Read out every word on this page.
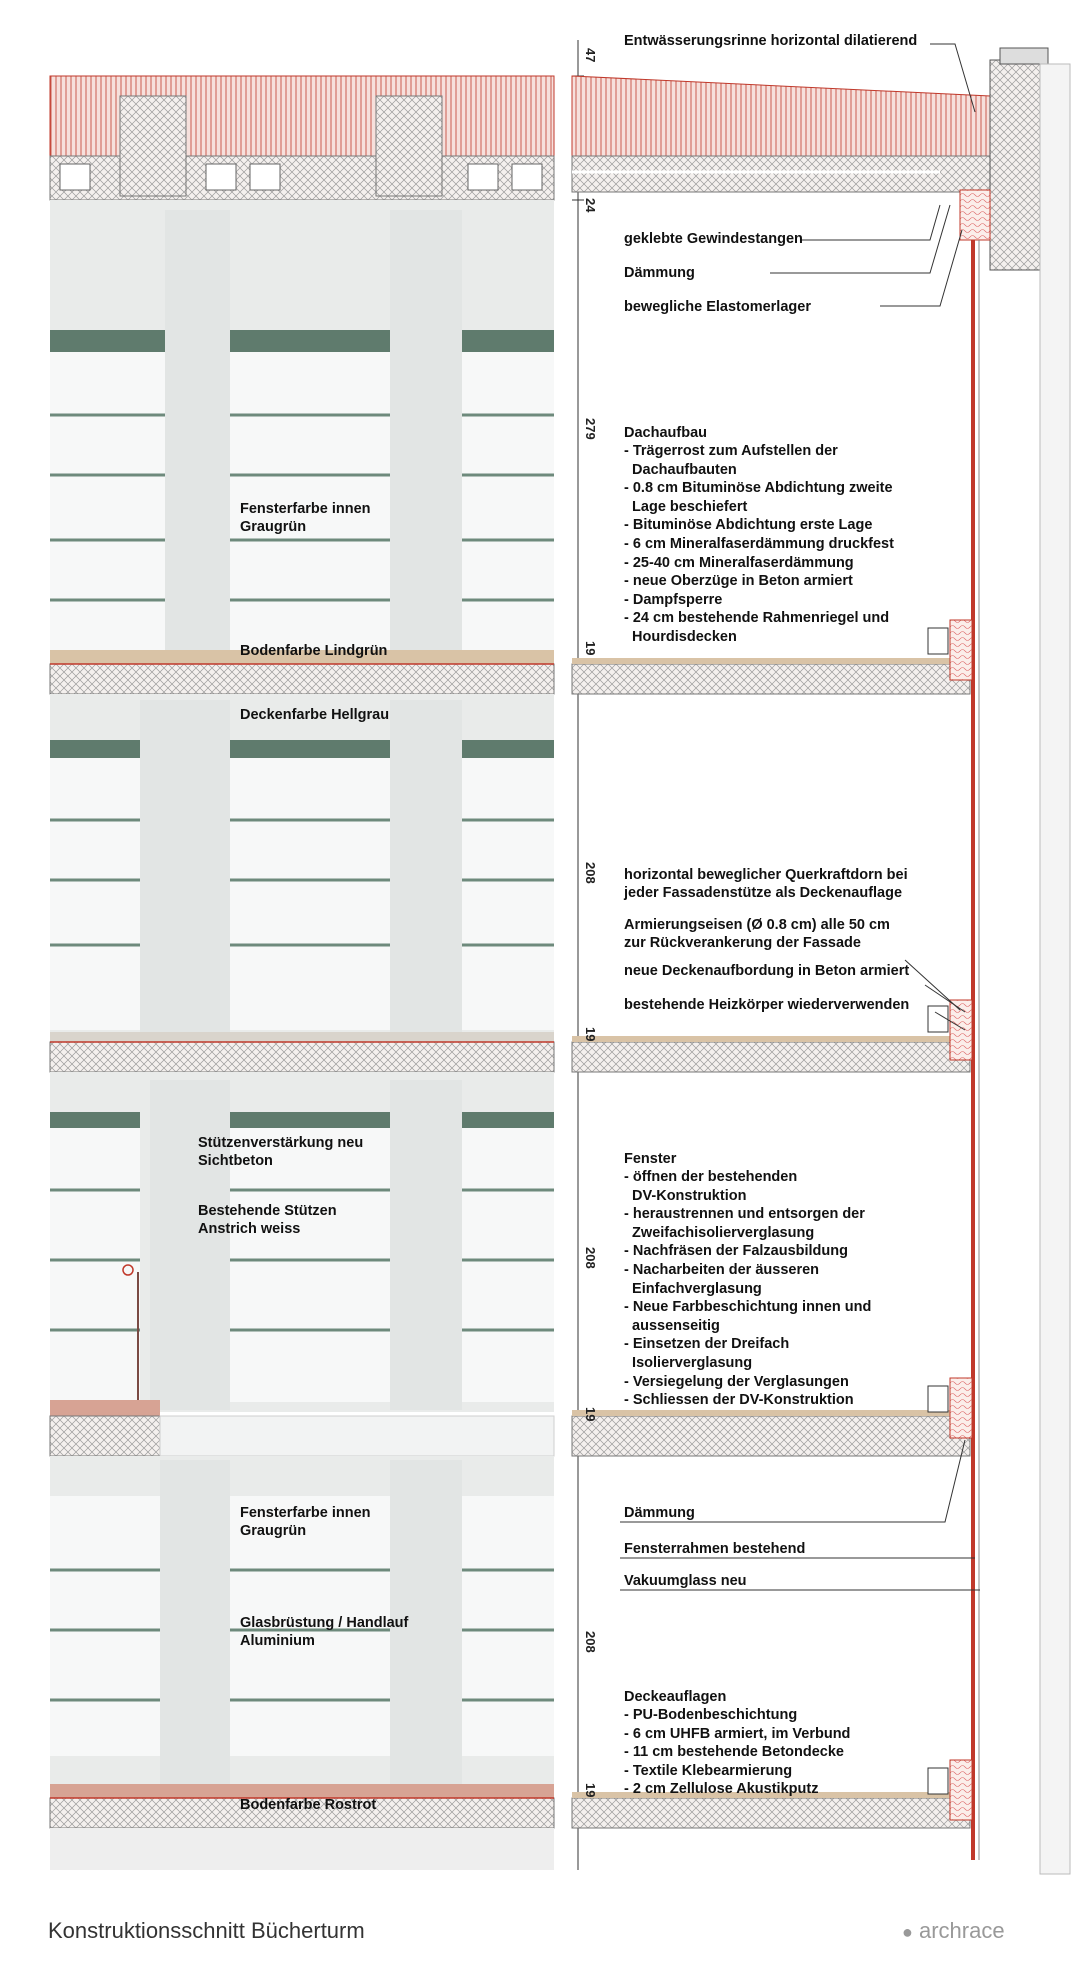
47
24
279
19
208
19
208
19
208
19
Fensterfarbe innen
Graugrün
Bodenfarbe Lindgrün
Deckenfarbe Hellgrau
Stützenverstärkung neu
Sichtbeton
Bestehende Stützen
Anstrich weiss
Fensterfarbe innen
Graugrün
Glasbrüstung / Handlauf
Aluminium
Bodenfarbe Rostrot
Entwässerungsrinne horizontal dilatierend
geklebte Gewindestangen
Dämmung
bewegliche Elastomerlager
Dachaufbau
- Trägerrost zum Aufstellen der
Dachaufbauten
- 0.8 cm Bituminöse Abdichtung zweite
Lage beschiefert
- Bituminöse Abdichtung erste Lage
- 6 cm Mineralfaserdämmung druckfest
- 25-40 cm Mineralfaserdämmung
- neue Oberzüge in Beton armiert
- Dampfsperre
- 24 cm bestehende Rahmenriegel und
Hourdisdecken
horizontal beweglicher Querkraftdorn bei
jeder Fassadenstütze als Deckenauflage
Armierungseisen (Ø 0.8 cm) alle 50 cm
zur Rückverankerung der Fassade
neue Deckenaufbordung in Beton armiert
bestehende Heizkörper wiederverwenden
Fenster
- öffnen der bestehenden
DV-Konstruktion
- heraustrennen und entsorgen der
Zweifachisolierverglasung
- Nachfräsen der Falzausbildung
- Nacharbeiten der äusseren
Einfachverglasung
- Neue Farbbeschichtung innen und
aussenseitig
- Einsetzen der Dreifach
Isolierverglasung
- Versiegelung der Verglasungen
- Schliessen der DV-Konstruktion
Dämmung
Fensterrahmen bestehend
Vakuumglass neu
Deckeauflagen
- PU-Bodenbeschichtung
- 6 cm UHFB armiert, im Verbund
- 11 cm bestehende Betondecke
- Textile Klebearmierung
- 2 cm Zellulose Akustikputz
Konstruktionsschnitt Bücherturm	● archrace
